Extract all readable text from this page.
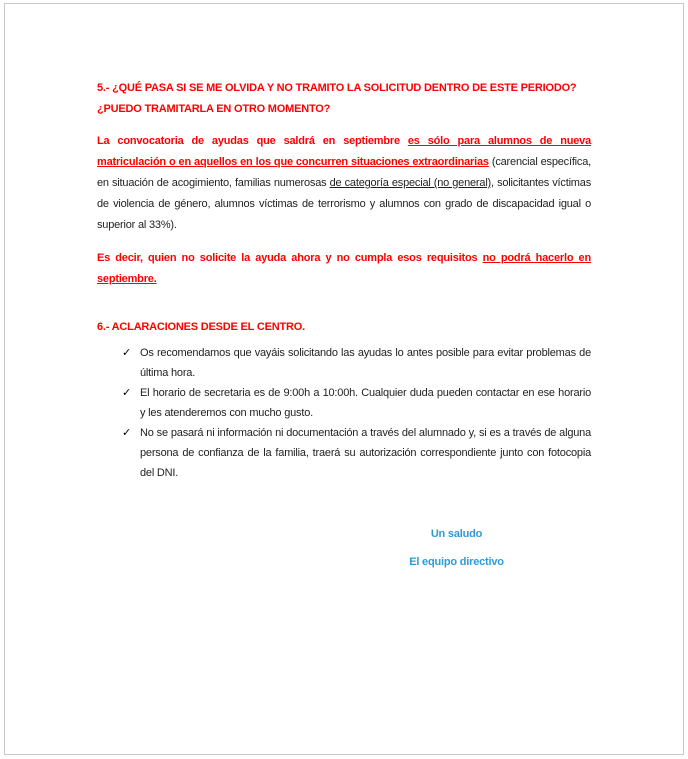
5.- ¿QUÉ PASA SI SE ME OLVIDA Y NO TRAMITO LA SOLICITUD DENTRO DE ESTE PERIODO?
¿PUEDO TRAMITARLA EN OTRO MOMENTO?

La convocatoria de ayudas que saldrá en septiembre es sólo para alumnos de nueva matriculación o en aquellos en los que concurren situaciones extraordinarias (carencial específica, en situación de acogimiento, familias numerosas de categoría especial (no general), solicitantes víctimas de violencia de género, alumnos víctimas de terrorismo y alumnos con grado de discapacidad igual o superior al 33%).

Es decir, quien no solicite la ayuda ahora y no cumpla esos requisitos no podrá hacerlo en septiembre.

6.- ACLARACIONES DESDE EL CENTRO.
✓ Os recomendamos que vayáis solicitando las ayudas lo antes posible para evitar problemas de última hora.
✓ El horario de secretaria es de 9:00h a 10:00h. Cualquier duda pueden contactar en ese horario y les atenderemos con mucho gusto.
✓ No se pasará ni información ni documentación a través del alumnado y, si es a través de alguna persona de confianza de la familia, traerá su autorización correspondiente junto con fotocopia del DNI.
Un saludo
El equipo directivo
